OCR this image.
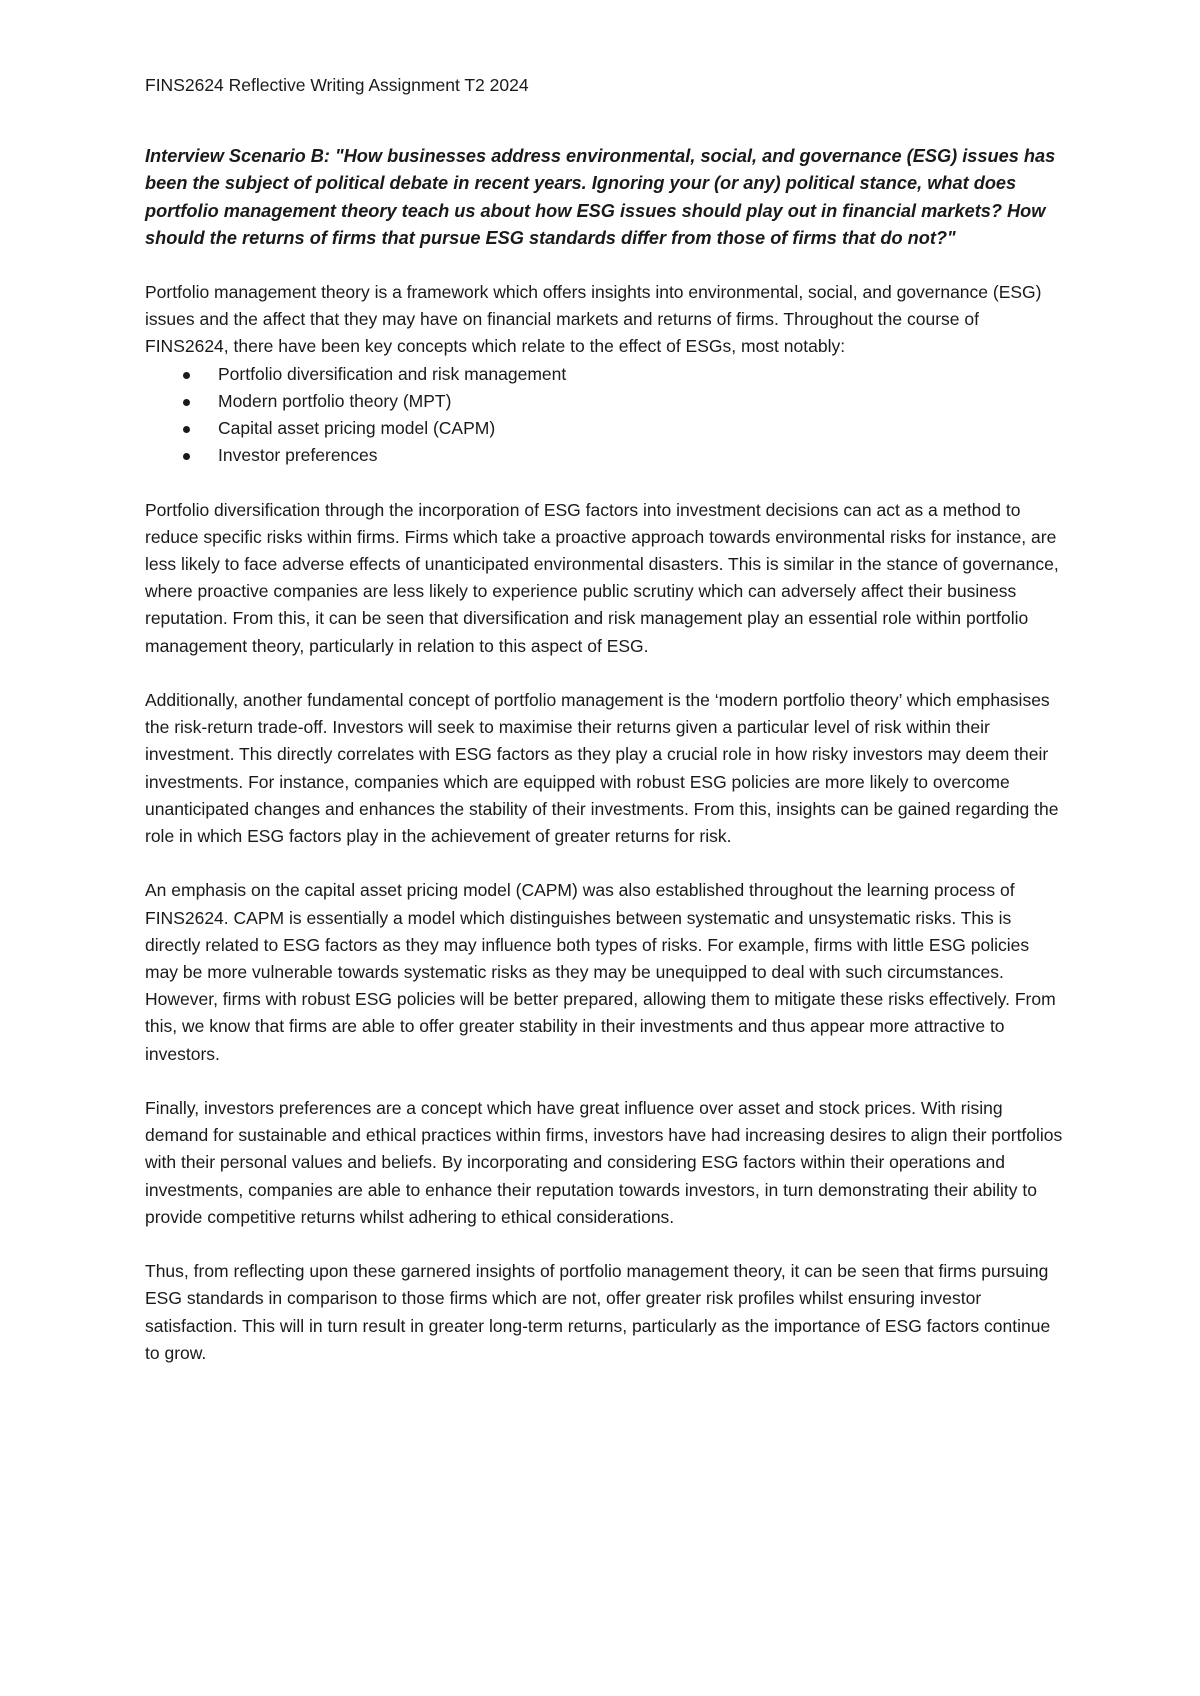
FINS2624 Reflective Writing Assignment T2 2024

Interview Scenario B: "How businesses address environmental, social, and governance (ESG) issues has been the subject of political debate in recent years. Ignoring your (or any) political stance, what does portfolio management theory teach us about how ESG issues should play out in financial markets? How should the returns of firms that pursue ESG standards differ from those of firms that do not?"

Portfolio management theory is a framework which offers insights into environmental, social, and governance (ESG) issues and the affect that they may have on financial markets and returns of firms. Throughout the course of FINS2624, there have been key concepts which relate to the effect of ESGs, most notably:

Portfolio diversification and risk management
Modern portfolio theory (MPT)
Capital asset pricing model (CAPM)
Investor preferences

Portfolio diversification through the incorporation of ESG factors into investment decisions can act as a method to reduce specific risks within firms. Firms which take a proactive approach towards environmental risks for instance, are less likely to face adverse effects of unanticipated environmental disasters. This is similar in the stance of governance, where proactive companies are less likely to experience public scrutiny which can adversely affect their business reputation. From this, it can be seen that diversification and risk management play an essential role within portfolio management theory, particularly in relation to this aspect of ESG.

Additionally, another fundamental concept of portfolio management is the ‘modern portfolio theory’ which emphasises the risk-return trade-off. Investors will seek to maximise their returns given a particular level of risk within their investment. This directly correlates with ESG factors as they play a crucial role in how risky investors may deem their investments. For instance, companies which are equipped with robust ESG policies are more likely to overcome unanticipated changes and enhances the stability of their investments. From this, insights can be gained regarding the role in which ESG factors play in the achievement of greater returns for risk.

An emphasis on the capital asset pricing model (CAPM) was also established throughout the learning process of FINS2624. CAPM is essentially a model which distinguishes between systematic and unsystematic risks. This is directly related to ESG factors as they may influence both types of risks. For example, firms with little ESG policies may be more vulnerable towards systematic risks as they may be unequipped to deal with such circumstances. However, firms with robust ESG policies will be better prepared, allowing them to mitigate these risks effectively. From this, we know that firms are able to offer greater stability in their investments and thus appear more attractive to investors.

Finally, investors preferences are a concept which have great influence over asset and stock prices. With rising demand for sustainable and ethical practices within firms, investors have had increasing desires to align their portfolios with their personal values and beliefs. By incorporating and considering ESG factors within their operations and investments, companies are able to enhance their reputation towards investors, in turn demonstrating their ability to provide competitive returns whilst adhering to ethical considerations.

Thus, from reflecting upon these garnered insights of portfolio management theory, it can be seen that firms pursuing ESG standards in comparison to those firms which are not, offer greater risk profiles whilst ensuring investor satisfaction. This will in turn result in greater long-term returns, particularly as the importance of ESG factors continue to grow.
